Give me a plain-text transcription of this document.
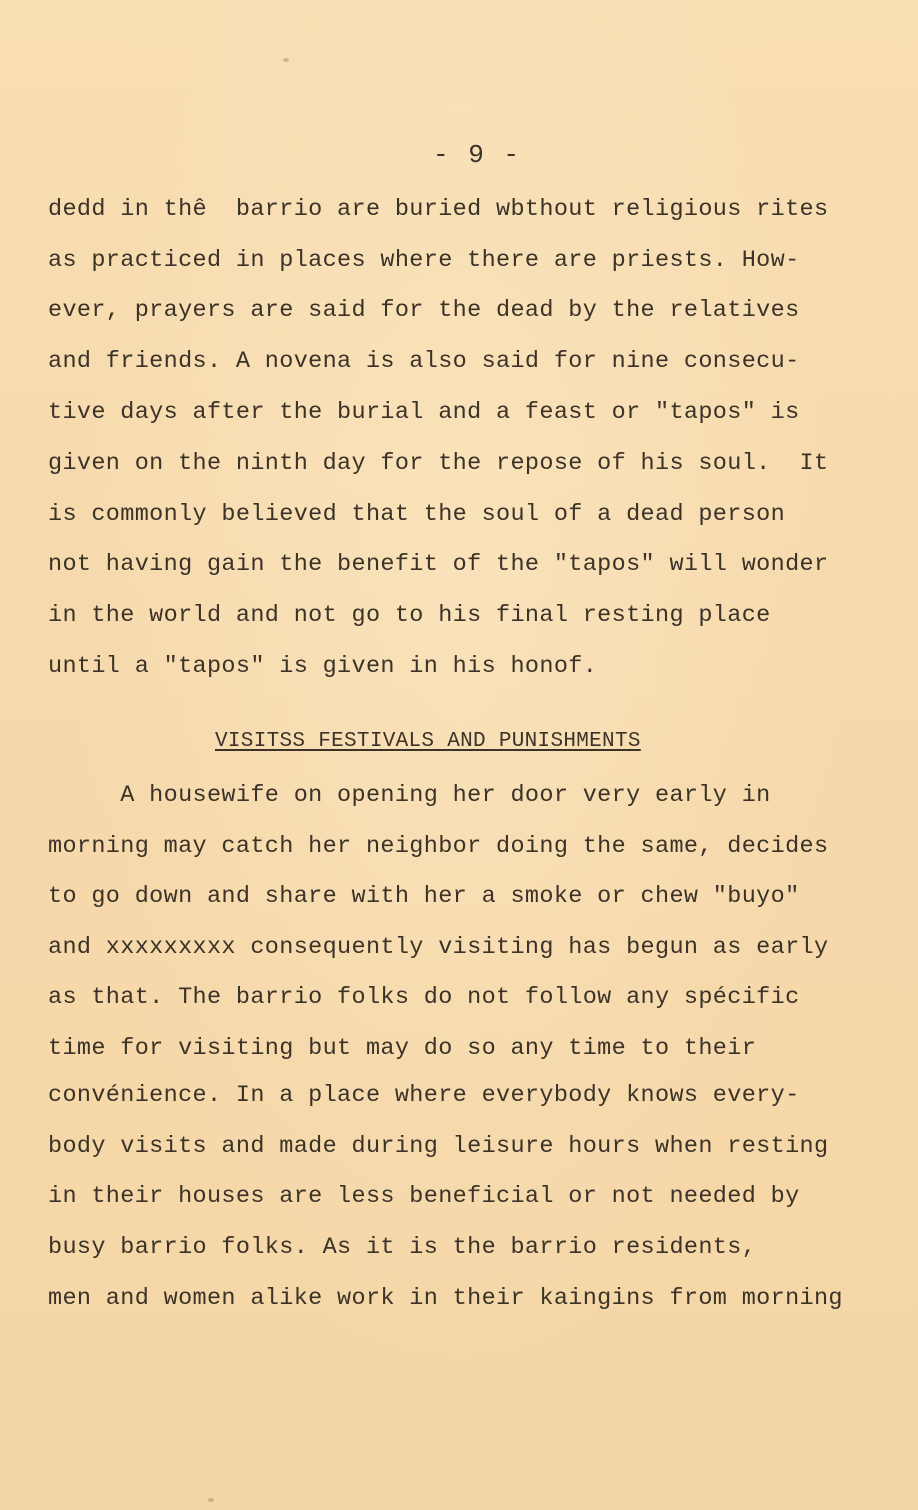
- 9 -
dedd in thê  barrio are buried wbthout religious rites
as practiced in places where there are priests. How-
ever, prayers are said for the dead by the relatives
and friends. A novena is also said for nine consecu-
tive days after the burial and a feast or "tapos" is
given on the ninth day for the repose of his soul.  It
is commonly believed that the soul of a dead person
not having gain the benefit of the "tapos" will wonder
in the world and not go to his final resting place
until a "tapos" is given in his honof.
VISITSS FESTIVALS AND PUNISHMENTS
A housewife on opening her door very early in
morning may catch her neighbor doing the same, decides
to go down and share with her a smoke or chew "buyo"
and xxxxxxxxx consequently visiting has begun as early
as that. The barrio folks do not follow any spécific
time for visiting but may do so any time to their
convénience. In a place where everybody knows every-
body visits and made during leisure hours when resting
in their houses are less beneficial or not needed by
busy barrio folks. As it is the barrio residents,
men and women alike work in their kaingins from morning
